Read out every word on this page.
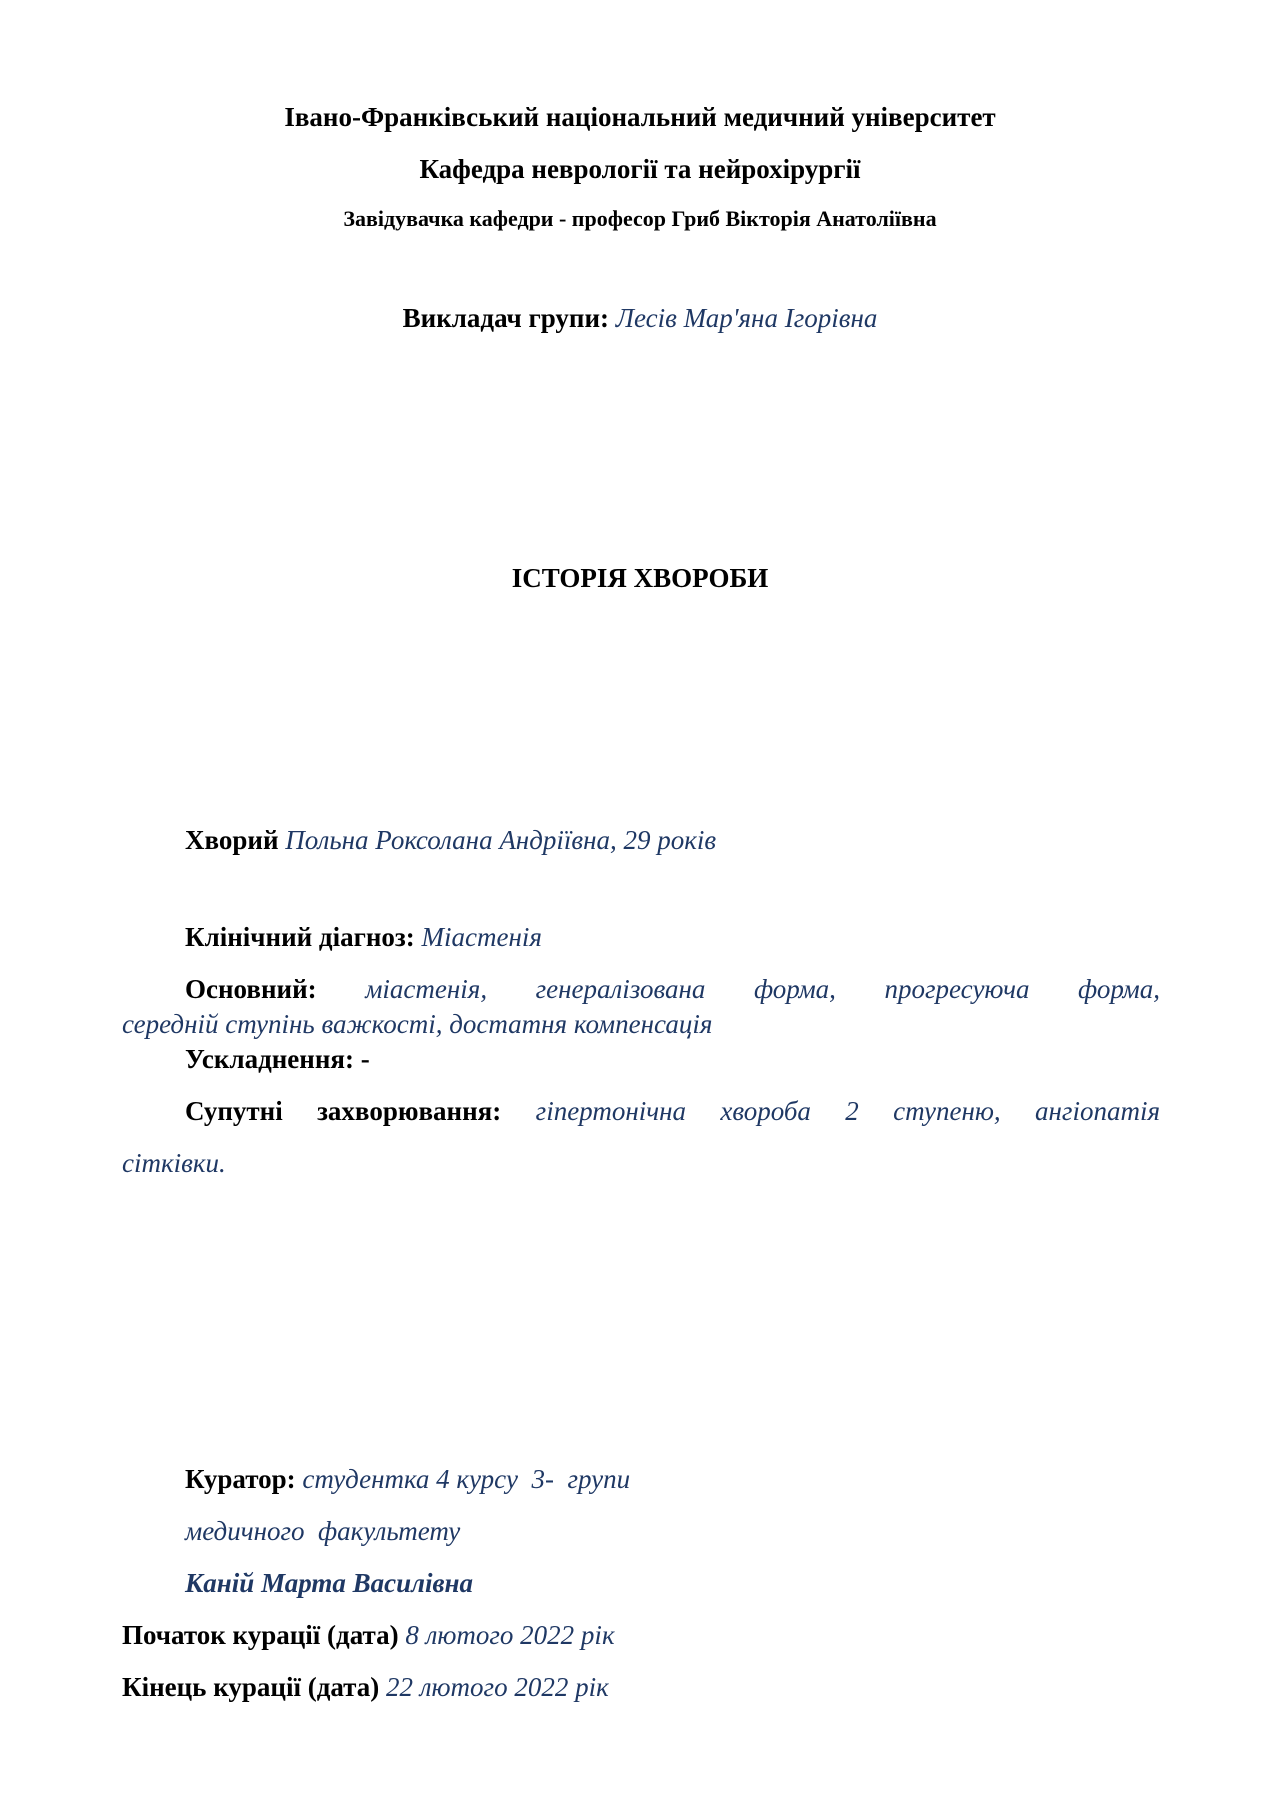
Івано-Франківський національний медичний університет
Кафедра неврології та нейрохірургії
Завідувачка кафедри - професор Гриб Вікторія Анатоліївна
Викладач групи: Лесів Мар'яна Ігорівна
ІСТОРІЯ ХВОРОБИ
Хворий Польна Роксолана Андріївна, 29 років
Клінічний діагноз: Міастенія
Основний: міастенія, генералізована форма, прогресуюча форма,
середній ступінь важкості, достатня компенсація
Ускладнення: -
Супутні захворювання: гіпертонічна хвороба 2 ступеню, ангіопатія
сітківки.
Куратор: студентка 4 курсу  3-  групи
медичного  факультету
Каній Марта Василівна
Початок курації (дата) 8 лютого 2022 рік
Кінець курації (дата) 22 лютого 2022 рік
